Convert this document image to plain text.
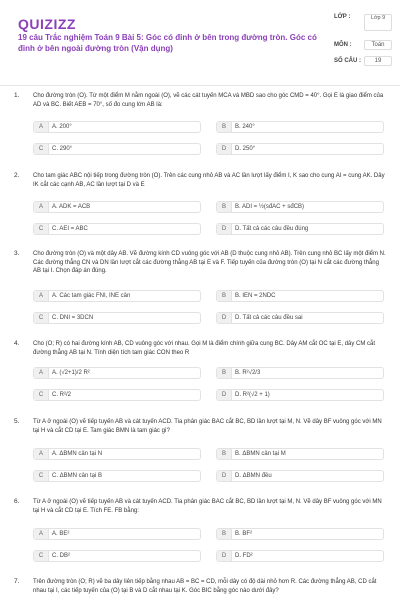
QUIZIZZ
19 câu Trắc nghiệm Toán 9 Bài 5: Góc có đỉnh ở bên trong đường tròn. Góc có đỉnh ở bên ngoài đường tròn (Vận dụng)
LỚP :	Lớp 9
MÔN :	Toán
SỐ CÂU :	19
1. Cho đường tròn (O). Từ một điểm M nằm ngoài (O), vẽ các cát tuyến MCA và MBD sao cho góc CMD = 40°. Gọi E là giao điểm của AD và BC. Biết AEB = 70°, số đo cung lớn AB là:
A	A. 200°	B	B. 240°
C	C. 290°	D	D. 250°
2. Cho tam giác ABC nội tiếp trong đường tròn (O). Trên các cung nhỏ AB và AC lần lượt lấy điểm I, K sao cho cung AI = cung AK. Dây IK cắt các cạnh AB, AC lần lượt tại D và E
A	A. ADK = ACB	B	B. ADI = ½(sđAC + sđCB)
C	C. AEI = ABC	D	D. Tất cả các câu đều đúng
3. Cho đường tròn (O) và một dây AB. Vẽ đường kính CD vuông góc với AB (D thuộc cung nhỏ AB). Trên cung nhỏ BC lấy một điểm N. Các đường thẳng CN và DN lần lượt cắt các đường thẳng AB tại E và F. Tiếp tuyến của đường tròn (O) tại N cắt các đường thẳng AB tại I. Chọn đáp án đúng.
A	A. Các tam giác FNI, INE cân	B	B. IEN = 2NDC
C	C. DNI = 3DCN	D	D. Tất cả các câu đều sai
4. Cho (O; R) có hai đường kính AB, CD vuông góc với nhau. Gọi M là điểm chính giữa cung BC. Dây AM cắt OC tại E, dây CM cắt đường thẳng AB tại N. Tính diện tích tam giác CON theo R
A	A. (√2+1)/2 R²	B	B. R²√2/3
C	C. R²/2	D	D. R²(√2 + 1)
5. Từ A ở ngoài (O) vẽ tiếp tuyến AB và cát tuyến ACD. Tia phân giác BAC cắt BC, BD lần lượt tại M, N. Vẽ dây BF vuông góc với MN tại H và cắt CD tại E. Tam giác BMN là tam giác gì?
A	A. ΔBMN cân tại N	B	B. ΔBMN cân tại M
C	C. ΔBMN cân tại B	D	D. ΔBMN đều
6. Từ A ở ngoài (O) vẽ tiếp tuyến AB và cát tuyến ACD. Tia phân giác BAC cắt BC, BD lần lượt tại M, N. Vẽ dây BF vuông góc với MN tại H và cắt CD tại E. Tích FE. FB bằng:
A	A. BE²	B	B. BF²
C	C. DB²	D	D. FD²
7. Trên đường tròn (O; R) vẽ ba dây liên tiếp bằng nhau AB = BC = CD, mỗi dây có độ dài nhỏ hơn R. Các đường thẳng AB, CD cắt nhau tại I, các tiếp tuyến của (O) tại B và D cắt nhau tại K. Góc BIC bằng góc nào dưới đây?
